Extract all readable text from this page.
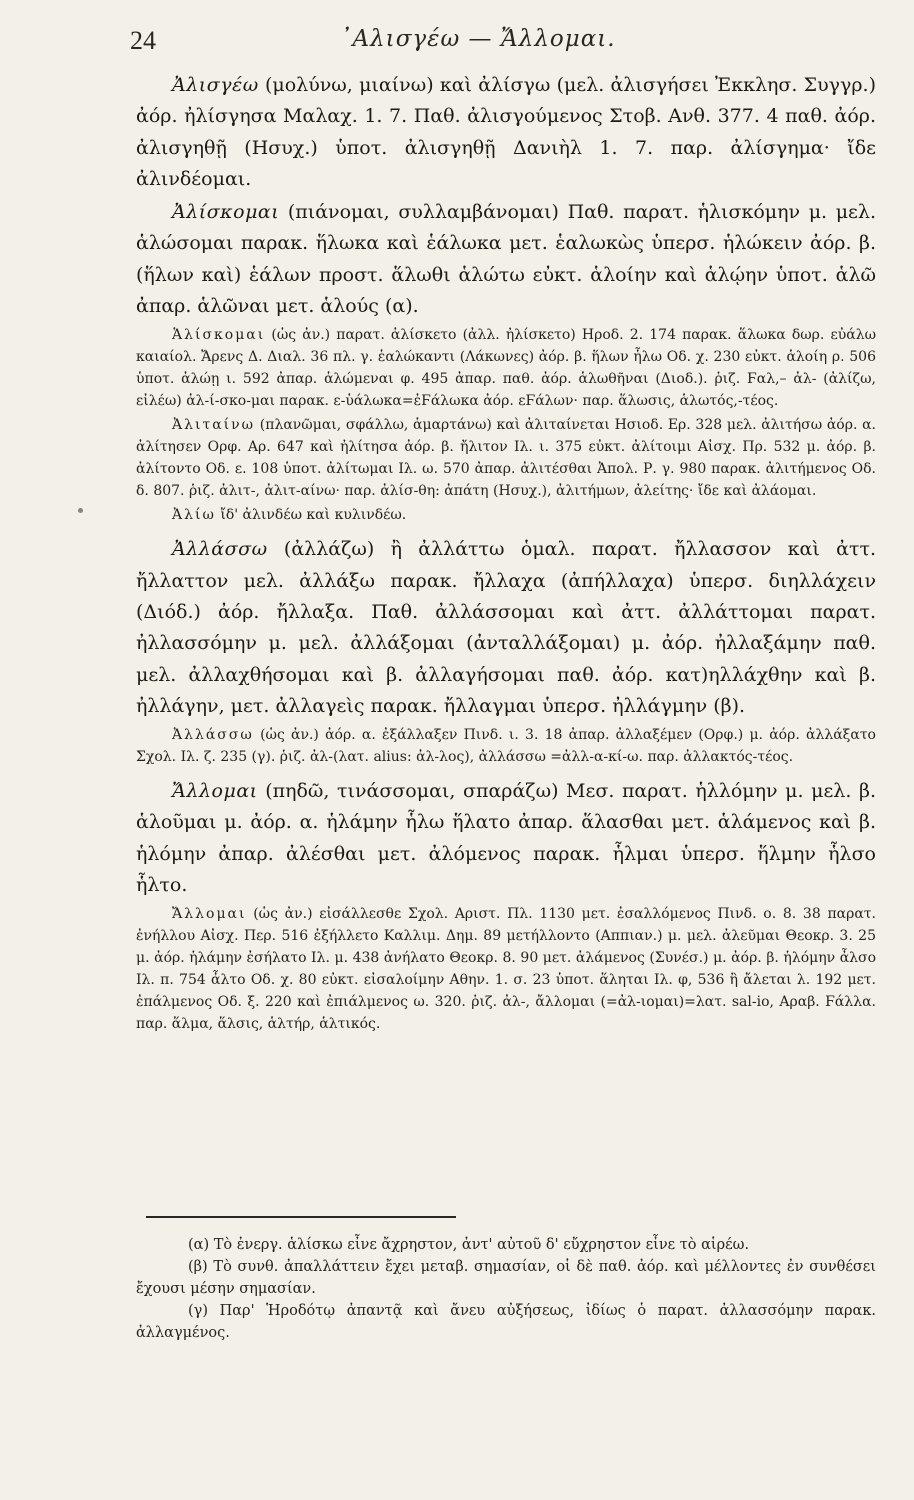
24	᾿Αλισγέω — Ἄλλομαι.

Ἀλισγέω (μολύνω, μιαίνω) καὶ ἀλίσγω (μελ. ἀλισγήσει Ἐκκλησ. Συγγρ.) ἀόρ. ἠλίσγησα Μαλαχ. 1. 7. Παθ. ἀλισγούμενος Στοβ. Ανθ. 377. 4 παθ. ἀόρ. ἀλισγηθῇ (Ησυχ.) ὑποτ. ἀλισγηθῇ Δανιὴλ 1. 7. παρ. ἀλίσγημα· ἴδε ἀλινδέομαι.

Ἀλίσκομαι (πιάνομαι, συλλαμβάνομαι) Παθ. παρατ. ἡλισκόμην μ. μελ. ἁλώσομαι παρακ. ἥλωκα καὶ ἑάλωκα μετ. ἑαλωκὼς ὑπερσ. ἡλώκειν ἀόρ. β. (ἥλων καὶ) ἑάλων προστ. ἅλωθι ἁλώτω εὐκτ. ἁλοίην καὶ ἁλῴην ὑποτ. ἁλῶ ἀπαρ. ἁλῶναι μετ. ἁλούς (α).

Ἁλίσκομαι (ὡς ἀν.) παρατ. ἁλίσκετο (ἀλλ. ἠλίσκετο) Ηροδ. 2. 174 παρακ. ἅλωκα δωρ. εὐάλω καιαίολ. Ἄρενς Δ. Διαλ. 36 πλ. γ. ἑαλώκαντι (Λάκωνες) ἀόρ. β. ἥλων ἧλω Οδ. χ. 230 εὐκτ. ἁλοίη ρ. 506 ὑποτ. ἁλώῃ ι. 592 ἀπαρ. ἁλώμεναι φ. 495 ἀπαρ. παθ. ἀόρ. ἁλωθῆναι (Διοδ.). ῥιζ. Ϝαλ,– ἀλ- (ἀλίζω, εἰλέω) ἀλ-ί-σκο-μαι παρακ. ε-ὑάλωκα=ἐϜάλωκα ἀόρ. εϜάλων· παρ. ἅλωσις, ἁλωτός,-τέος.

Ἀλιταίνω (πλανῶμαι, σφάλλω, ἁμαρτάνω) καὶ ἀλιταίνεται Ησιοδ. Ερ. 328 μελ. ἀλιτήσω ἀόρ. α. ἀλίτησεν Ορφ. Αρ. 647 καὶ ἠλίτησα ἀόρ. β. ἤλιτον Ιλ. ι. 375 εὐκτ. ἀλίτοιμι Αἰσχ. Πρ. 532 μ. ἀόρ. β. ἀλίτοντο Οδ. ε. 108 ὑποτ. ἀλίτωμαι Ιλ. ω. 570 ἀπαρ. ἀλιτέσθαι Ἀπολ. Ρ. γ. 980 παρακ. ἀλιτήμενος Οδ. δ. 807. ῥιζ. ἀλιτ-, ἀλιτ-αίνω· παρ. ἀλίσ-θη: ἀπάτη (Ησυχ.), ἀλιτήμων, ἀλείτης· ἴδε καὶ ἀλάομαι.

Ἀλίω ἴδ' ἀλινδέω καὶ κυλινδέω.

Ἀλλάσσω (ἀλλάζω) ἢ ἀλλάττω ὁμαλ. παρατ. ἤλλασσον καὶ ἀττ. ἤλλαττον μελ. ἀλλάξω παρακ. ἤλλαχα (ἀπήλλαχα) ὑπερσ. διηλλάχειν (Διόδ.) ἀόρ. ἤλλαξα. Παθ. ἀλλάσσομαι καὶ ἀττ. ἀλλάττομαι παρατ. ἠλλασσόμην μ. μελ. ἀλλάξομαι (ἀνταλλάξομαι) μ. ἀόρ. ἠλλαξάμην παθ. μελ. ἀλλαχθήσομαι καὶ β. ἀλλαγήσομαι παθ. ἀόρ. κατ)ηλλάχθην καὶ β. ἠλλάγην, μετ. ἀλλαγεὶς παρακ. ἤλλαγμαι ὑπερσ. ἠλλάγμην (β).

Ἀλλάσσω (ὡς ἀν.) ἀόρ. α. ἐξάλλαξεν Πινδ. ι. 3. 18 ἀπαρ. ἀλλαξέμεν (Ορφ.) μ. ἀόρ. ἀλλάξατο Σχολ. Ιλ. ζ. 235 (γ). ῥιζ. ἀλ-(λατ. alius: ἀλ-λος), ἀλλάσσω =ἀλλ-α-κί-ω. παρ. ἀλλακτός-τέος.

Ἄλλομαι (πηδῶ, τινάσσομαι, σπαράζω) Μεσ. παρατ. ἡλλόμην μ. μελ. β. ἁλοῦμαι μ. ἀόρ. α. ἡλάμην ἧλω ἥλατο ἀπαρ. ἅλασθαι μετ. ἁλάμενος καὶ β. ἡλόμην ἀπαρ. ἀλέσθαι μετ. ἀλόμενος παρακ. ἧλμαι ὑπερσ. ἥλμην ἧλσο ἧλτο.

Ἄλλομαι (ὡς ἀν.) εἰσάλλεσθε Σχολ. Αριστ. Πλ. 1130 μετ. ἐσαλλόμενος Πινδ. ο. 8. 38 παρατ. ἐνήλλου Αἰσχ. Περ. 516 ἐξήλλετο Καλλιμ. Δημ. 89 μετήλλοντο (Αππιαν.) μ. μελ. ἀλεῦμαι Θεοκρ. 3. 25 μ. ἀόρ. ἡλάμην ἐσήλατο Ιλ. μ. 438 ἀνήλατο Θεοκρ. 8. 90 μετ. ἁλάμενος (Συνέσ.) μ. ἀόρ. β. ἡλόμην ἆλσο Ιλ. π. 754 ἆλτο Οδ. χ. 80 εὐκτ. εἰσαλοίμην Αθην. 1. σ. 23 ὑποτ. ἅληται Ιλ. φ, 536 ἢ ἄλεται λ. 192 μετ. ἐπάλμενος Οδ. ξ. 220 καὶ ἐπιάλμενος ω. 320. ῥιζ. ἀλ-, ἄλλομαι (=ἀλ-ιομαι)=λατ. sal-io, Αραβ. Ϝάλλα. παρ. ἅλμα, ἅλσις, ἁλτήρ, ἁλτικός.

(α) Τὸ ἐνεργ. ἁλίσκω εἶνε ἄχρηστον, ἀντ' αὐτοῦ δ' εὔχρηστον εἶνε τὸ αἱρέω.

(β) Τὸ συνθ. ἀπαλλάττειν ἔχει μεταβ. σημασίαν, οἱ δὲ παθ. ἀόρ. καὶ μέλλοντες ἐν συνθέσει ἔχουσι μέσην σημασίαν.

(γ) Παρ' Ἡροδότῳ ἀπαντᾷ καὶ ἄνευ αὐξήσεως, ἰδίως ὁ παρατ. ἀλλασσόμην παρακ. ἀλλαγμένος.
